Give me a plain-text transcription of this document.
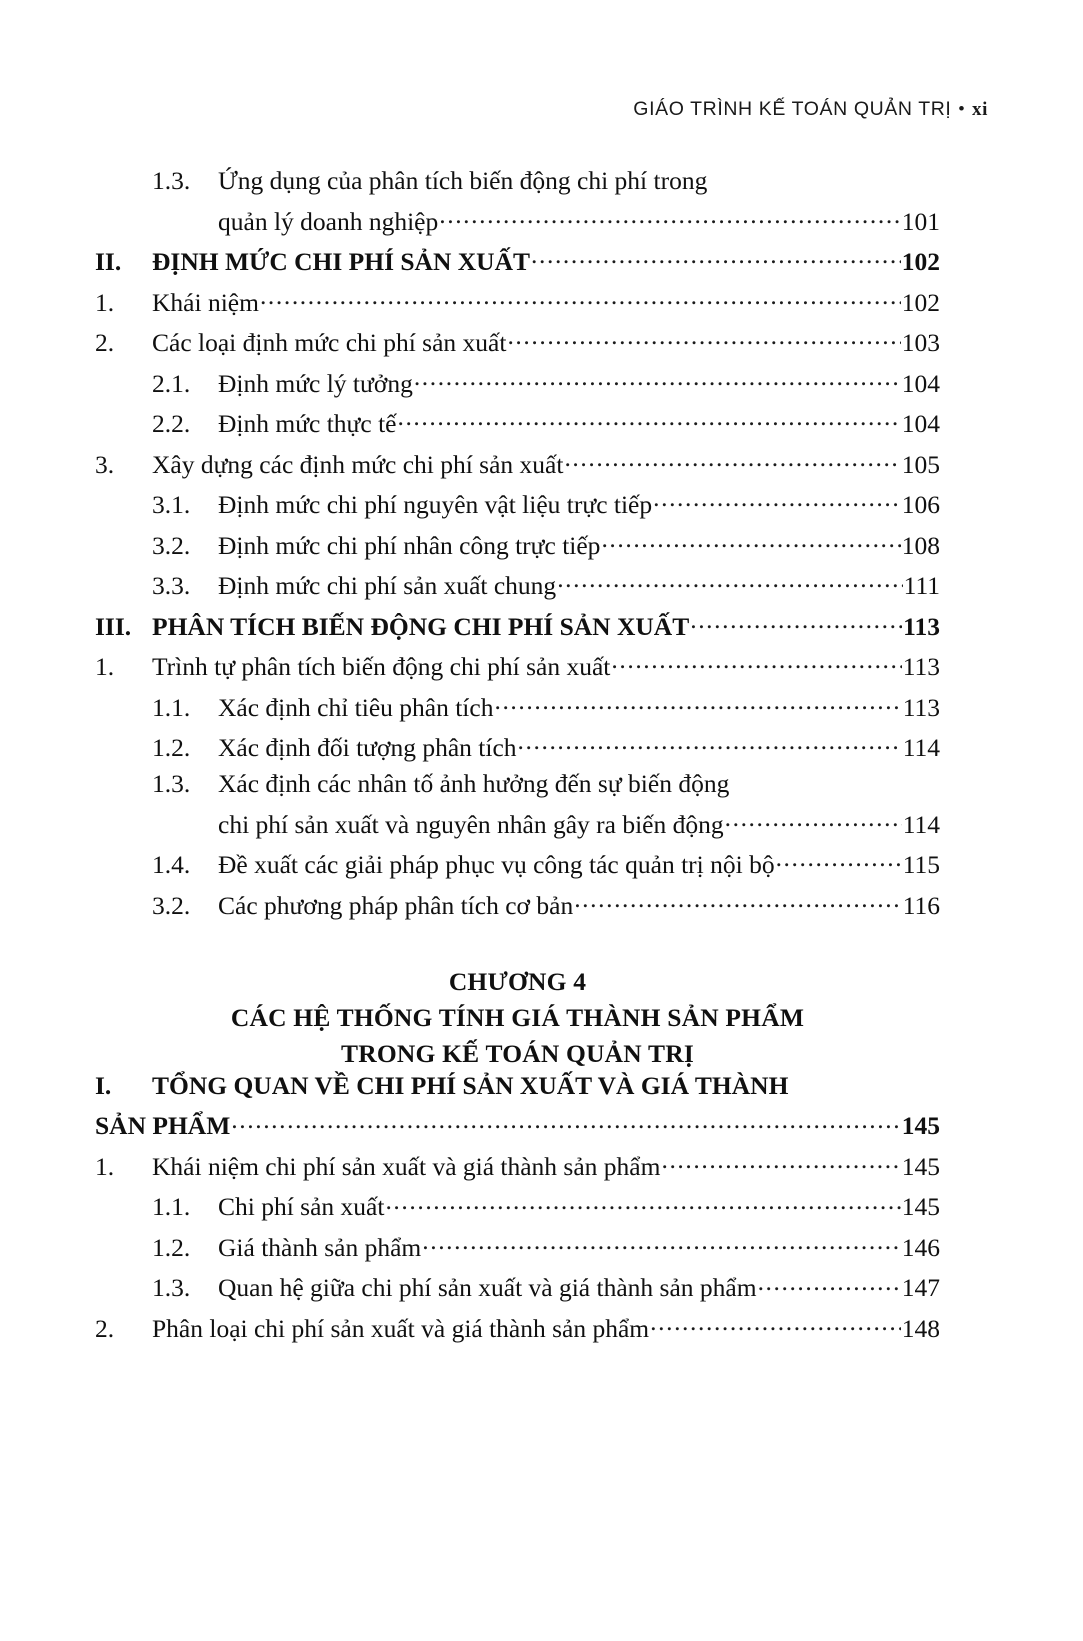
GIÁO TRÌNH KẾ TOÁN QUẢN TRỊ • xi
1.3.	Ứng dụng của phân tích biến động chi phí trong
quản lý doanh nghiệp .....	101
II.	ĐỊNH MỨC CHI PHÍ SẢN XUẤT .....	102
1.	Khái niệm .....	102
2.	Các loại định mức chi phí sản xuất .....	103
2.1.	Định mức lý tưởng .....	104
2.2.	Định mức thực tế .....	104
3.	Xây dựng các định mức chi phí sản xuất .....	105
3.1.	Định mức chi phí nguyên vật liệu trực tiếp .....	106
3.2.	Định mức chi phí nhân công trực tiếp .....	108
3.3.	Định mức chi phí sản xuất chung .....	111
III. PHÂN TÍCH BIẾN ĐỘNG CHI PHÍ SẢN XUẤT .....	113
1.	Trình tự phân tích biến động chi phí sản xuất .....	113
1.1.	Xác định chỉ tiêu phân tích .....	113
1.2.	Xác định đối tượng phân tích .....	114
1.3.	Xác định các nhân tố ảnh hưởng đến sự biến động
chi phí sản xuất và nguyên nhân gây ra biến động .....	114
1.4.	Đề xuất các giải pháp phục vụ công tác quản trị nội bộ .....	115
3.2.	Các phương pháp phân tích cơ bản .....	116
CHƯƠNG 4
CÁC HỆ THỐNG TÍNH GIÁ THÀNH SẢN PHẨM
TRONG KẾ TOÁN QUẢN TRỊ
I.	TỔNG QUAN VỀ CHI PHÍ SẢN XUẤT VÀ GIÁ THÀNH
SẢN PHẨM .....	145
1.	Khái niệm chi phí sản xuất và giá thành sản phẩm .....	145
1.1.	Chi phí sản xuất .....	145
1.2.	Giá thành sản phẩm .....	146
1.3.	Quan hệ giữa chi phí sản xuất và giá thành sản phẩm .....	147
2.	Phân loại chi phí sản xuất và giá thành sản phẩm .....	148
